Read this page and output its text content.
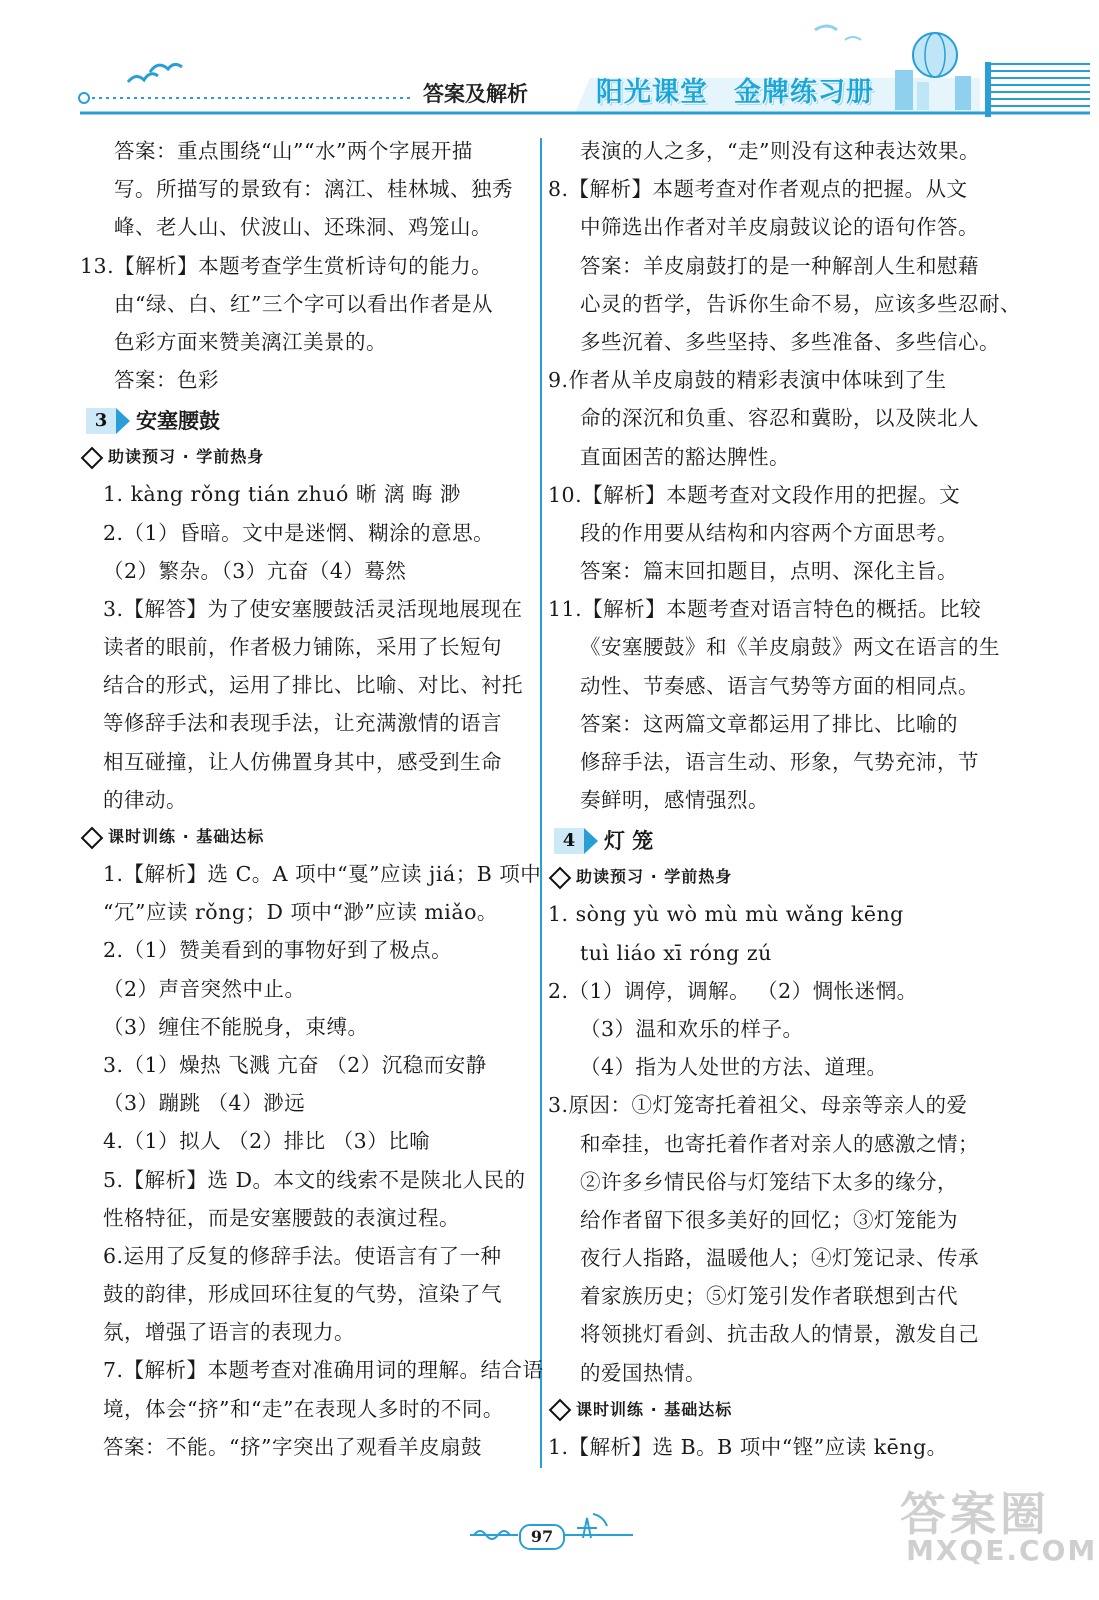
答案及解析	阳光课堂 金牌练习册
答案：重点围绕“山”“水”两个字展开描
写。所描写的景致有：漓江、桂林城、独秀
峰、老人山、伏波山、还珠洞、鸡笼山。
13.【解析】本题考查学生赏析诗句的能力。
由“绿、白、红”三个字可以看出作者是从
色彩方面来赞美漓江美景的。
答案：色彩
3 安塞腰鼓
助读预习 · 学前热身
1. kàng rǒng tián zhuó 晰 漓 晦 渺
2.（1）昏暗。文中是迷惘、糊涂的意思。
（2）繁杂。（3）亢奋（4）蓦然
3.【解答】为了使安塞腰鼓活灵活现地展现在
读者的眼前，作者极力铺陈，采用了长短句
结合的形式，运用了排比、比喻、对比、衬托
等修辞手法和表现手法，让充满激情的语言
相互碰撞，让人仿佛置身其中，感受到生命
的律动。
课时训练 · 基础达标
1.【解析】选 C。A 项中“戛”应读 jiá；B 项中
“冗”应读 rǒng；D 项中“渺”应读 miǎo。
2.（1）赞美看到的事物好到了极点。
（2）声音突然中止。
（3）缠住不能脱身，束缚。
3.（1）燥热 飞溅 亢奋 （2）沉稳而安静
（3）蹦跳 （4）渺远
4.（1）拟人 （2）排比 （3）比喻
5.【解析】选 D。本文的线索不是陕北人民的
性格特征，而是安塞腰鼓的表演过程。
6.运用了反复的修辞手法。使语言有了一种
鼓的韵律，形成回环往复的气势，渲染了气
氛，增强了语言的表现力。
7.【解析】本题考查对准确用词的理解。结合语
境，体会“挤”和“走”在表现人多时的不同。
答案：不能。“挤”字突出了观看羊皮扇鼓
表演的人之多，“走”则没有这种表达效果。
8.【解析】本题考查对作者观点的把握。从文
中筛选出作者对羊皮扇鼓议论的语句作答。
答案：羊皮扇鼓打的是一种解剖人生和慰藉
心灵的哲学，告诉你生命不易，应该多些忍耐、
多些沉着、多些坚持、多些准备、多些信心。
9.作者从羊皮扇鼓的精彩表演中体味到了生
命的深沉和负重、容忍和冀盼，以及陕北人
直面困苦的豁达脾性。
10.【解析】本题考查对文段作用的把握。文
段的作用要从结构和内容两个方面思考。
答案：篇末回扣题目，点明、深化主旨。
11.【解析】本题考查对语言特色的概括。比较
《安塞腰鼓》和《羊皮扇鼓》两文在语言的生
动性、节奏感、语言气势等方面的相同点。
答案：这两篇文章都运用了排比、比喻的
修辞手法，语言生动、形象，气势充沛，节
奏鲜明，感情强烈。
4 灯 笼
助读预习 · 学前热身
1. sòng yù wò mù mù wǎng kēng
tuì liáo xī róng zú
2.（1）调停，调解。 （2）惆怅迷惘。
（3）温和欢乐的样子。
（4）指为人处世的方法、道理。
3.原因：①灯笼寄托着祖父、母亲等亲人的爱
和牵挂，也寄托着作者对亲人的感激之情；
②许多乡情民俗与灯笼结下太多的缘分，
给作者留下很多美好的回忆；③灯笼能为
夜行人指路，温暖他人；④灯笼记录、传承
着家族历史；⑤灯笼引发作者联想到古代
将领挑灯看剑、抗击敌人的情景，激发自己
的爱国热情。
课时训练 · 基础达标
1.【解析】选 B。B 项中“铿”应读 kēng。
97	答案圈
MXQE.COM
